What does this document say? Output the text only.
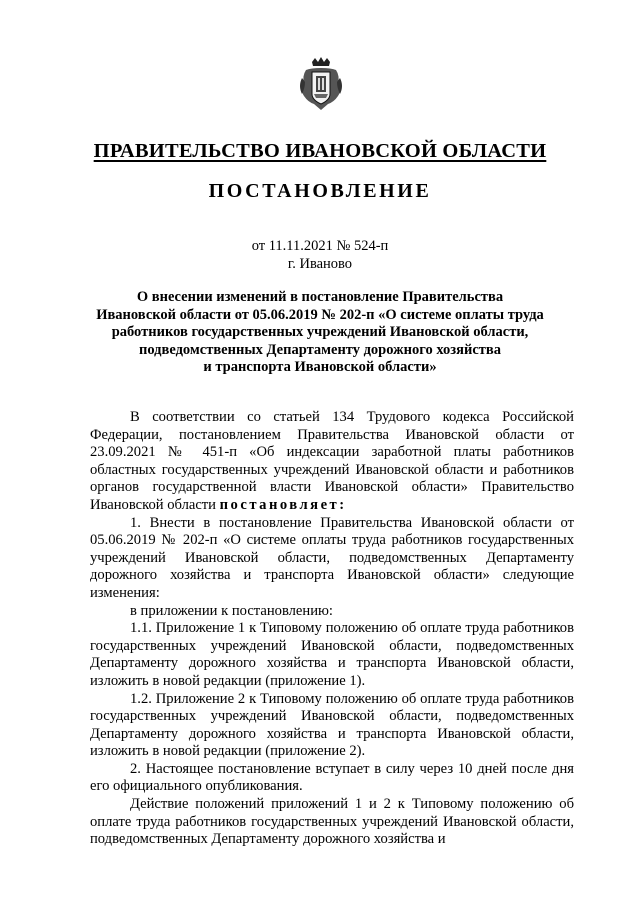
ПРАВИТЕЛЬСТВО ИВАНОВСКОЙ ОБЛАСТИ
ПОСТАНОВЛЕНИЕ
от 11.11.2021 № 524-п
г. Иваново
О внесении изменений в постановление Правительства
Ивановской области от 05.06.2019 № 202-п «О системе оплаты труда
работников государственных учреждений Ивановской области,
подведомственных Департаменту дорожного хозяйства
и транспорта Ивановской области»

В соответствии со статьей 134 Трудового кодекса Российской Федерации, постановлением Правительства Ивановской области от 23.09.2021 № 451-п «Об индексации заработной платы работников областных государственных учреждений Ивановской области и работников органов государственной власти Ивановской области» Правительство Ивановской области постановляет:

1. Внести в постановление Правительства Ивановской области от 05.06.2019 № 202-п «О системе оплаты труда работников государственных учреждений Ивановской области, подведомственных Департаменту дорожного хозяйства и транспорта Ивановской области» следующие изменения:

в приложении к постановлению:

1.1. Приложение 1 к Типовому положению об оплате труда работников государственных учреждений Ивановской области, подведомственных Департаменту дорожного хозяйства и транспорта Ивановской области, изложить в новой редакции (приложение 1).

1.2. Приложение 2 к Типовому положению об оплате труда работников государственных учреждений Ивановской области, подведомственных Департаменту дорожного хозяйства и транспорта Ивановской области, изложить в новой редакции (приложение 2).

2. Настоящее постановление вступает в силу через 10 дней после дня его официального опубликования.

Действие положений приложений 1 и 2 к Типовому положению об оплате труда работников государственных учреждений Ивановской области, подведомственных Департаменту дорожного хозяйства и
